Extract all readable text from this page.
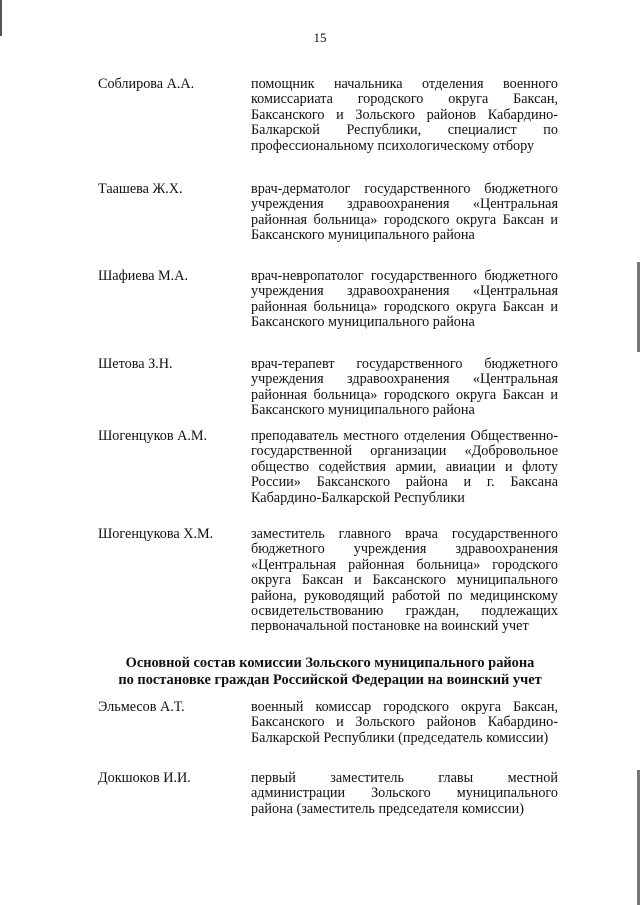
15
Соблирова А.А.	помощник начальника отделения военного комиссариата городского округа Баксан, Баксанского и Зольского районов Кабардино-Балкарской Республики, специалист по профессиональному психологическому отбору
Таашева Ж.Х.	врач-дерматолог государственного бюджетного учреждения здравоохранения «Центральная районная больница» городского округа Баксан и Баксанского муниципального района
Шафиева М.А.	врач-невропатолог государственного бюджетного учреждения здравоохранения «Центральная районная больница» городского округа Баксан и Баксанского муниципального района
Шетова З.Н.	врач-терапевт государственного бюджетного учреждения здравоохранения «Центральная районная больница» городского округа Баксан и Баксанского муниципального района
Шогенцуков А.М.	преподаватель местного отделения Общественно-государственной организации «Добровольное общество содействия армии, авиации и флоту России» Баксанского района и г. Баксана Кабардино-Балкарской Республики
Шогенцукова Х.М.	заместитель главного врача государственного бюджетного учреждения здравоохранения «Центральная районная больница» городского округа Баксан и Баксанского муниципального района, руководящий работой по медицинскому освидетельствованию граждан, подлежащих первоначальной постановке на воинский учет
Основной состав комиссии Зольского муниципального района
по постановке граждан Российской Федерации на воинский учет
Эльмесов А.Т.	военный комиссар городского округа Баксан, Баксанского и Зольского районов Кабардино-Балкарской Республики (председатель комиссии)
Докшоков И.И.	первый заместитель главы местной администрации Зольского муниципального района (заместитель председателя комиссии)
